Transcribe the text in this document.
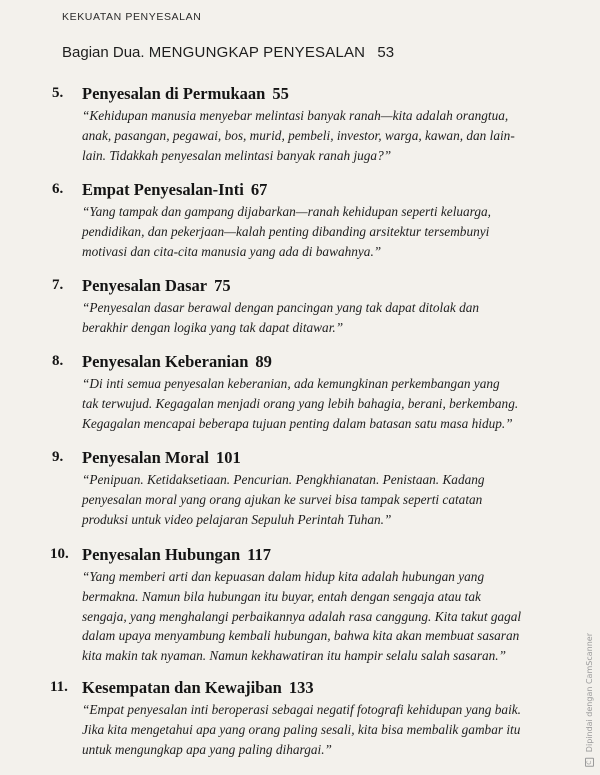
KEKUATAN PENYESALAN
Bagian Dua. MENGUNGKAP PENYESALAN 53
5. Penyesalan di Permukaan 55
“Kehidupan manusia menyebar melintasi banyak ranah—kita adalah orangtua,
anak, pasangan, pegawai, bos, murid, pembeli, investor, warga, kawan, dan lain-
lain. Tidakkah penyesalan melintasi banyak ranah juga?”
6. Empat Penyesalan-Inti 67
“Yang tampak dan gampang dijabarkan—ranah kehidupan seperti keluarga,
pendidikan, dan pekerjaan—kalah penting dibanding arsitektur tersembunyi
motivasi dan cita-cita manusia yang ada di bawahnya.”
7. Penyesalan Dasar 75
“Penyesalan dasar berawal dengan pancingan yang tak dapat ditolak dan
berakhir dengan logika yang tak dapat ditawar.”
8. Penyesalan Keberanian 89
“Di inti semua penyesalan keberanian, ada kemungkinan perkembangan yang
tak terwujud. Kegagalan menjadi orang yang lebih bahagia, berani, berkembang.
Kegagalan mencapai beberapa tujuan penting dalam batasan satu masa hidup.”
9. Penyesalan Moral 101
“Penipuan. Ketidaksetiaan. Pencurian. Pengkhianatan. Penistaan. Kadang
penyesalan moral yang orang ajukan ke survei bisa tampak seperti catatan
produksi untuk video pelajaran Sepuluh Perintah Tuhan.”
10. Penyesalan Hubungan 117
“Yang memberi arti dan kepuasan dalam hidup kita adalah hubungan yang
bermakna. Namun bila hubungan itu buyar, entah dengan sengaja atau tak
sengaja, yang menghalangi perbaikannya adalah rasa canggung. Kita takut gagal
dalam upaya menyambung kembali hubungan, bahwa kita akan membuat sasaran
kita makin tak nyaman. Namun kekhawatiran itu hampir selalu salah sasaran.”
11. Kesempatan dan Kewajiban 133
“Empat penyesalan inti beroperasi sebagai negatif fotografi kehidupan yang baik.
Jika kita mengetahui apa yang orang paling sesali, kita bisa membalik gambar itu
untuk mengungkap apa yang paling dihargai.”
C Dipindai dengan CamScanner
